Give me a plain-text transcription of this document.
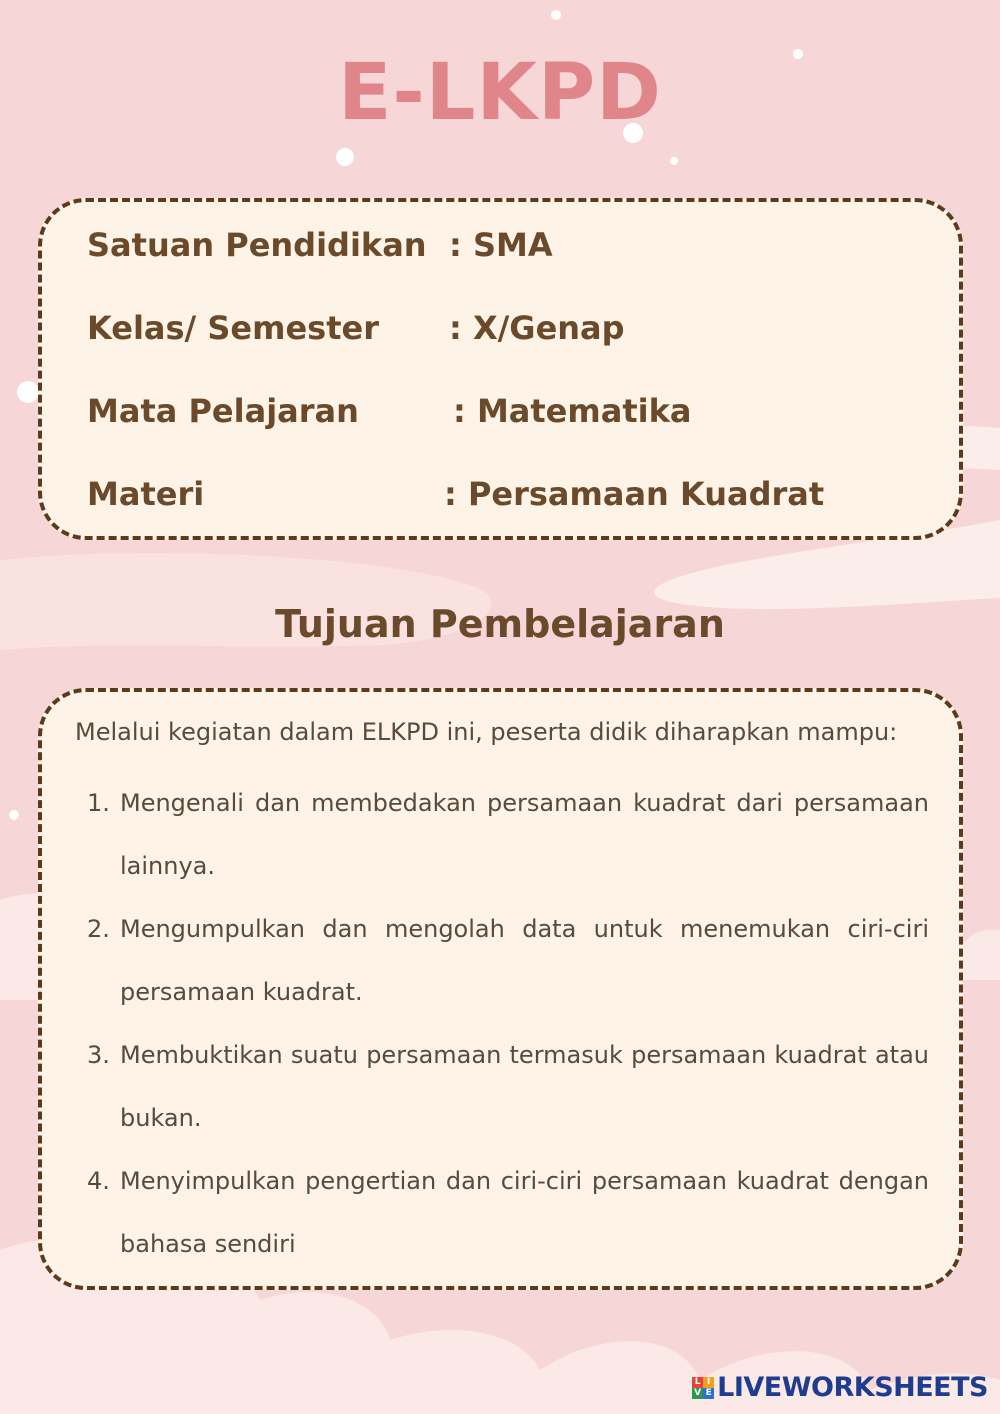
E-LKPD
Satuan Pendidikan : SMA
Kelas/ Semester : X/Genap
Mata Pelajaran	: Matematika
Materi	: Persamaan Kuadrat
Tujuan Pembelajaran
Melalui kegiatan dalam ELKPD ini, peserta didik diharapkan mampu:
1. Mengenali dan membedakan persamaan kuadrat dari persamaan lainnya.
2. Mengumpulkan dan mengolah data untuk menemukan ciri-ciri persamaan kuadrat.
3. Membuktikan suatu persamaan termasuk persamaan kuadrat atau bukan.
4. Menyimpulkan pengertian dan ciri-ciri persamaan kuadrat dengan bahasa sendiri
L I
V E LIVEWORKSHEETS
